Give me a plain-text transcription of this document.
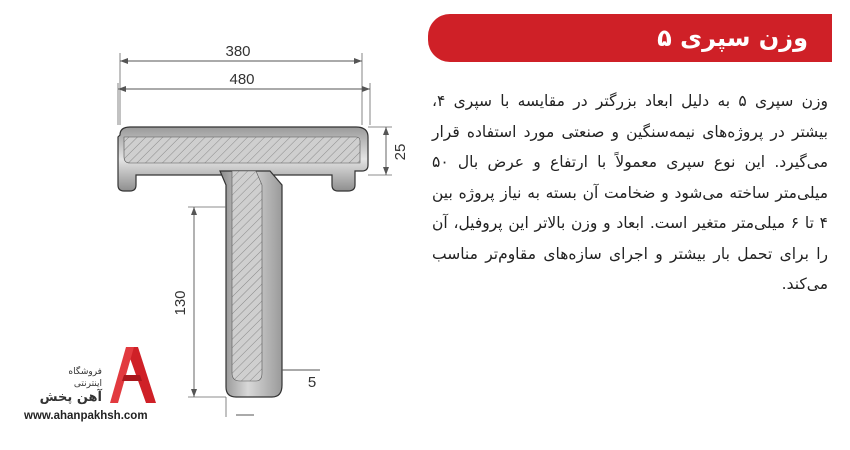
380
480
25
130
5
فروشگاه
اینترنتی
آهن پخش
www.ahanpakhsh.com
وزن سپری ۵
وزن سپری ۵ به دلیل ابعاد بزرگتر در مقایسه با سپری ۴، بیشتر در پروژه‌های نیمه‌سنگین و صنعتی مورد استفاده قرار می‌گیرد. این نوع سپری معمولاً با ارتفاع و عرض بال ۵۰ میلی‌متر ساخته می‌شود و ضخامت آن بسته به نیاز پروژه بین ۴ تا ۶ میلی‌متر متغیر است. ابعاد و وزن بالاتر این پروفیل، آن را برای تحمل بار بیشتر و اجرای سازه‌های مقاوم‌تر مناسب می‌کند.
